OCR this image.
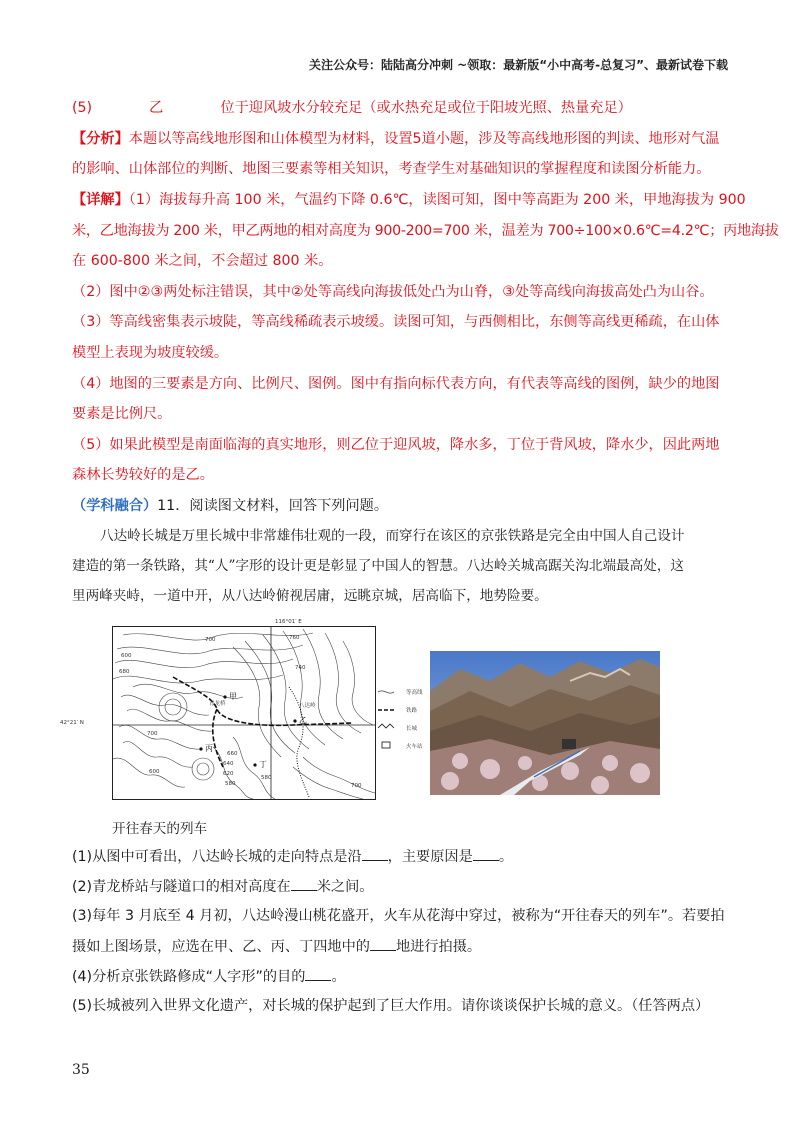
关注公众号：陆陆高分冲刺 ~领取：最新版“小中高考-总复习”、最新试卷下载
(5)	乙	位于迎风坡水分较充足（或水热充足或位于阳坡光照、热量充足）
【分析】本题以等高线地形图和山体模型为材料，设置5道小题，涉及等高线地形图的判读、地形对气温
的影响、山体部位的判断、地图三要素等相关知识，考查学生对基础知识的掌握程度和读图分析能力。
【详解】（1）海拔每升高 100 米，气温约下降 0.6℃，读图可知，图中等高距为 200 米，甲地海拔为 900
米，乙地海拔为 200 米，甲乙两地的相对高度为 900-200=700 米，温差为 700÷100×0.6℃=4.2℃；丙地海拔
在 600-800 米之间，不会超过 800 米。
（2）图中②③两处标注错误，其中②处等高线向海拔低处凸为山脊，③处等高线向海拔高处凸为山谷。
（3）等高线密集表示坡陡，等高线稀疏表示坡缓。读图可知，与西侧相比，东侧等高线更稀疏，在山体
模型上表现为坡度较缓。
（4）地图的三要素是方向、比例尺、图例。图中有指向标代表方向，有代表等高线的图例，缺少的地图
要素是比例尺。
（5）如果此模型是南面临海的真实地形，则乙位于迎风坡，降水多，丁位于背风坡，降水少，因此两地
森林长势较好的是乙。
（学科融合）11．阅读图文材料，回答下列问题。
八达岭长城是万里长城中非常雄伟壮观的一段，而穿行在该区的京张铁路是完全由中国人自己设计
建造的第一条铁路，其“人”字形的设计更是彰显了中国人的智慧。八达岭关城高踞关沟北端最高处，这
里两峰夹峙，一道中开，从八达岭俯视居庸，远眺京城，居高临下，地势险要。
116°01′ E
42°21′ N
600
680
700	760
740
700
660
640
620
580
580
700
600
青龙桥	八达岭
甲
乙
丙
丁
等高线
铁路
长城
火车站
开往春天的列车
(1)从图中可看出，八达岭长城的走向特点是沿 ，主要原因是 。
(2)青龙桥站与隧道口的相对高度在 米之间。
(3)每年 3 月底至 4 月初，八达岭漫山桃花盛开，火车从花海中穿过，被称为“开往春天的列车”。若要拍
摄如上图场景，应选在甲、乙、丙、丁四地中的 地进行拍摄。
(4)分析京张铁路修成“人字形”的目的 。
(5)长城被列入世界文化遗产，对长城的保护起到了巨大作用。请你谈谈保护长城的意义。（任答两点）
35
